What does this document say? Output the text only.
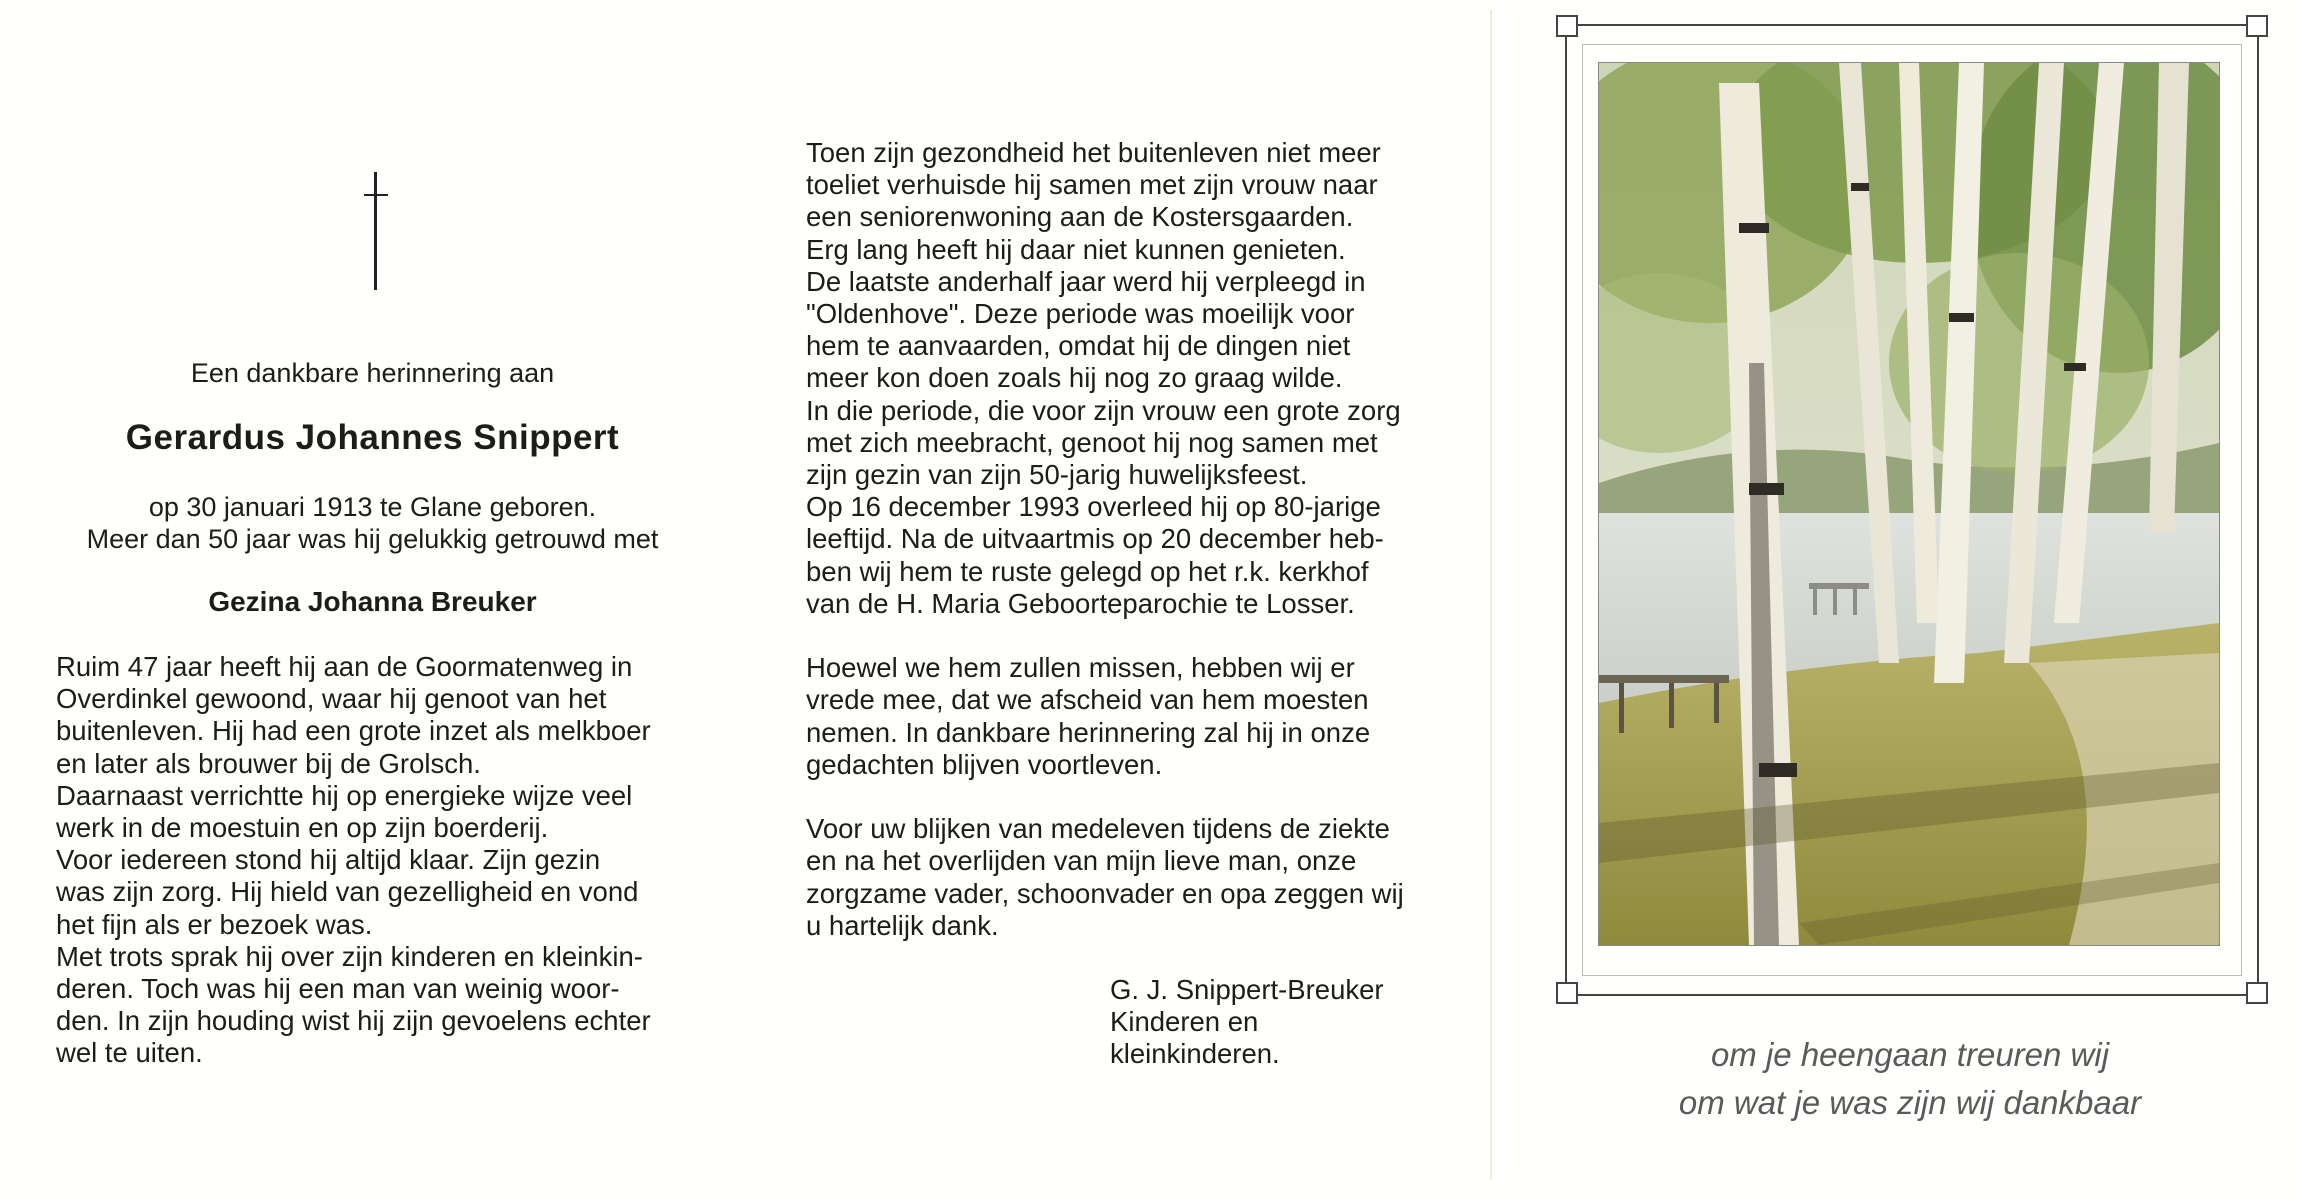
Een dankbare herinnering aan
Gerardus Johannes Snippert
op 30 januari 1913 te Glane geboren.
Meer dan 50 jaar was hij gelukkig getrouwd met
Gezina Johanna Breuker
Ruim 47 jaar heeft hij aan de Goormatenweg in
Overdinkel gewoond, waar hij genoot van het
buitenleven. Hij had een grote inzet als melkboer
en later als brouwer bij de Grolsch.
Daarnaast verrichtte hij op energieke wijze veel
werk in de moestuin en op zijn boerderij.
Voor iedereen stond hij altijd klaar. Zijn gezin
was zijn zorg. Hij hield van gezelligheid en vond
het fijn als er bezoek was.
Met trots sprak hij over zijn kinderen en kleinkin-
deren. Toch was hij een man van weinig woor-
den. In zijn houding wist hij zijn gevoelens echter
wel te uiten.
Toen zijn gezondheid het buitenleven niet meer
toeliet verhuisde hij samen met zijn vrouw naar
een seniorenwoning aan de Kostersgaarden.
Erg lang heeft hij daar niet kunnen genieten.
De laatste anderhalf jaar werd hij verpleegd in
"Oldenhove". Deze periode was moeilijk voor
hem te aanvaarden, omdat hij de dingen niet
meer kon doen zoals hij nog zo graag wilde.
In die periode, die voor zijn vrouw een grote zorg
met zich meebracht, genoot hij nog samen met
zijn gezin van zijn 50-jarig huwelijksfeest.
Op 16 december 1993 overleed hij op 80-jarige
leeftijd. Na de uitvaartmis op 20 december heb-
ben wij hem te ruste gelegd op het r.k. kerkhof
van de H. Maria Geboorteparochie te Losser.

Hoewel we hem zullen missen, hebben wij er
vrede mee, dat we afscheid van hem moesten
nemen. In dankbare herinnering zal hij in onze
gedachten blijven voortleven.

Voor uw blijken van medeleven tijdens de ziekte
en na het overlijden van mijn lieve man, onze
zorgzame vader, schoonvader en opa zeggen wij
u hartelijk dank.
G. J. Snippert-Breuker
Kinderen en
kleinkinderen.	om je heengaan treuren wij
om wat je was zijn wij dankbaar
